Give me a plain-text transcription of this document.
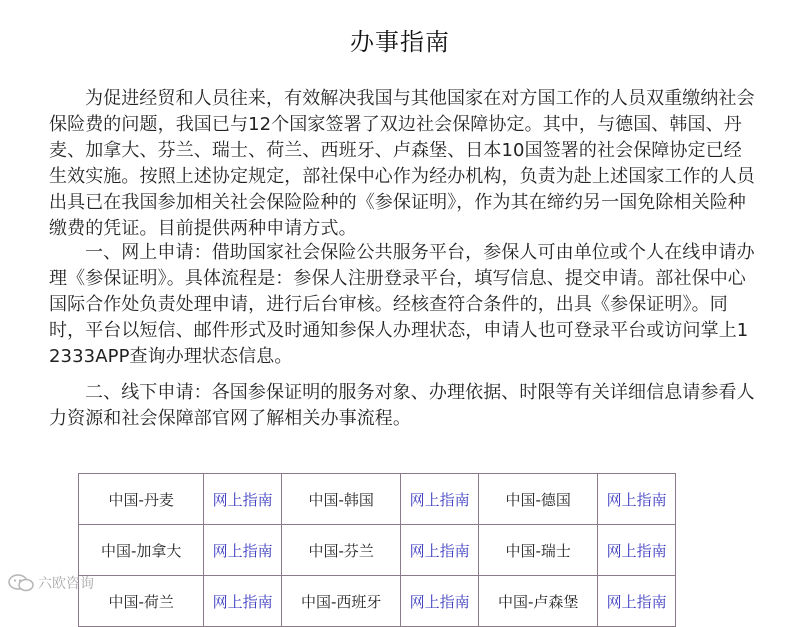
办事指南

为促进经贸和人员往来，有效解决我国与其他国家在对方国工作的人员双重缴纳社会保险费的问题，我国已与12个国家签署了双边社会保障协定。其中，与德国、韩国、丹麦、加拿大、芬兰、瑞士、荷兰、西班牙、卢森堡、日本10国签署的社会保障协定已经生效实施。按照上述协定规定，部社保中心作为经办机构，负责为赴上述国家工作的人员出具已在我国参加相关社会保险险种的《参保证明》，作为其在缔约另一国免除相关险种缴费的凭证。目前提供两种申请方式。

一、网上申请：借助国家社会保险公共服务平台，参保人可由单位或个人在线申请办理《参保证明》。具体流程是：参保人注册登录平台，填写信息、提交申请。部社保中心国际合作处负责处理申请，进行后台审核。经核查符合条件的，出具《参保证明》。同时，平台以短信、邮件形式及时通知参保人办理状态，申请人也可登录平台或访问掌上12333APP查询办理状态信息。

二、线下申请：各国参保证明的服务对象、办理依据、时限等有关详细信息请参看人力资源和社会保障部官网了解相关办事流程。

中国-丹麦	网上指南	中国-韩国	网上指南	中国-德国	网上指南
中国-加拿大	网上指南	中国-芬兰	网上指南	中国-瑞士	网上指南
中国-荷兰	网上指南	中国-西班牙	网上指南	中国-卢森堡	网上指南
六欧咨询
